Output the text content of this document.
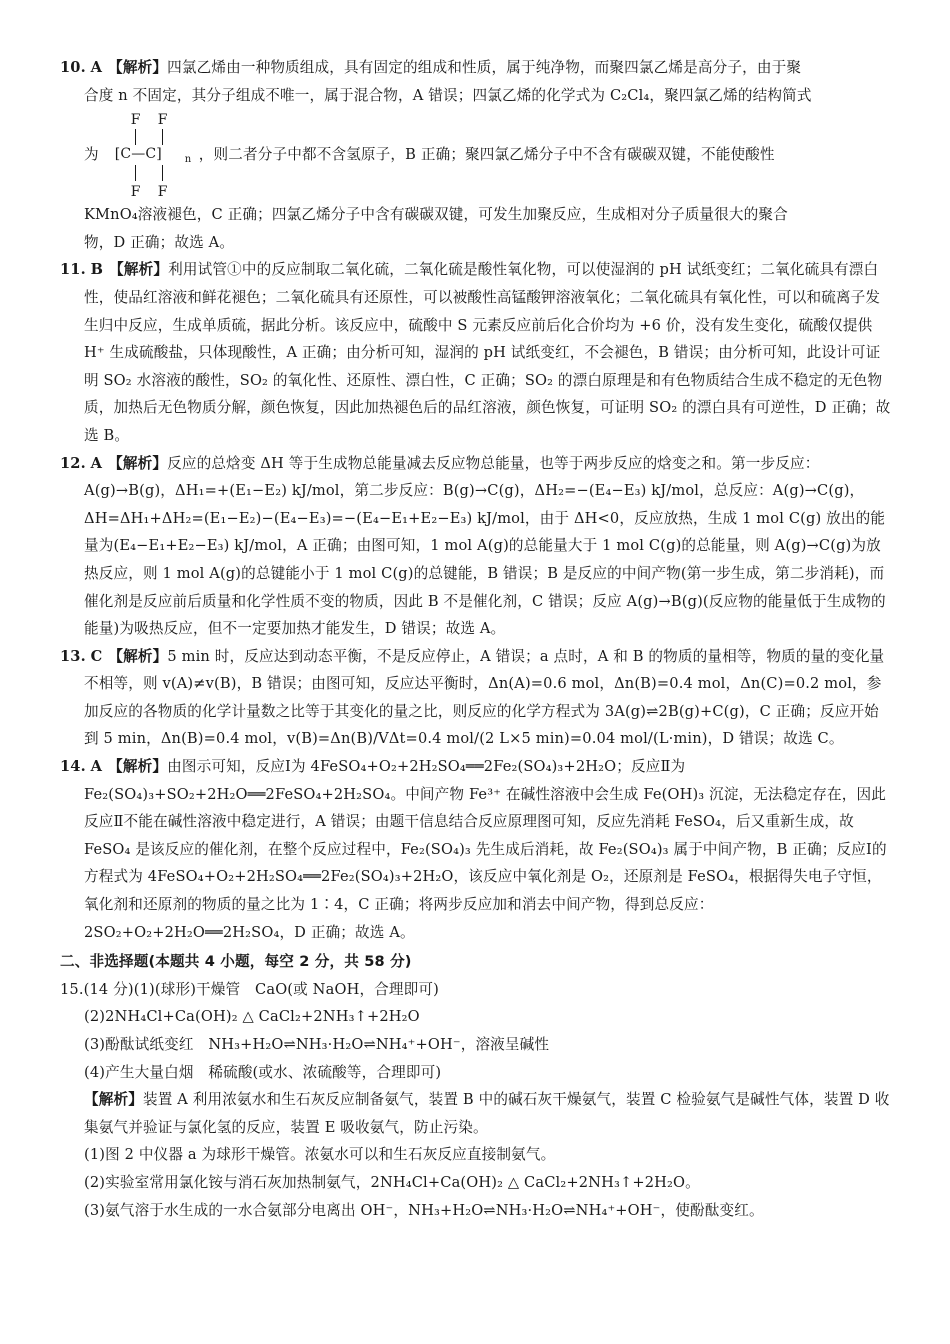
10. A 【解析】四氯乙烯由一种物质组成，具有固定的组成和性质，属于纯净物，而聚四氯乙烯是高分子，由于聚

合度 n 不固定，其分子组成不唯一，属于混合物，A 错误；四氯乙烯的化学式为 C₂Cl₄，聚四氯乙烯的结构简式

为
F F
[C—C] n
F F
，则二者分子中都不含氢原子，B 正确；聚四氯乙烯分子中不含有碳碳双键，不能使酸性

KMnO₄溶液褪色，C 正确；四氯乙烯分子中含有碳碳双键，可发生加聚反应，生成相对分子质量很大的聚合

物，D 正确；故选 A。

11. B 【解析】利用试管①中的反应制取二氧化硫，二氧化硫是酸性氧化物，可以使湿润的 pH 试纸变红；二氧化硫具有漂白性，使品红溶液和鲜花褪色；二氧化硫具有还原性，可以被酸性高锰酸钾溶液氧化；二氧化硫具有氧化性，可以和硫离子发生归中反应，生成单质硫，据此分析。该反应中，硫酸中 S 元素反应前后化合价均为 +6 价，没有发生变化，硫酸仅提供 H⁺ 生成硫酸盐，只体现酸性，A 正确；由分析可知，湿润的 pH 试纸变红，不会褪色，B 错误；由分析可知，此设计可证明 SO₂ 水溶液的酸性，SO₂ 的氧化性、还原性、漂白性，C 正确；SO₂ 的漂白原理是和有色物质结合生成不稳定的无色物质，加热后无色物质分解，颜色恢复，因此加热褪色后的品红溶液，颜色恢复，可证明 SO₂ 的漂白具有可逆性，D 正确；故选 B。

12. A 【解析】反应的总焓变 ΔH 等于生成物总能量减去反应物总能量，也等于两步反应的焓变之和。第一步反应：A(g)→B(g)，ΔH₁=+(E₁−E₂) kJ/mol，第二步反应：B(g)→C(g)，ΔH₂=−(E₄−E₃) kJ/mol，总反应：A(g)→C(g)，ΔH=ΔH₁+ΔH₂=(E₁−E₂)−(E₄−E₃)=−(E₄−E₁+E₂−E₃) kJ/mol，由于 ΔH<0，反应放热，生成 1 mol C(g) 放出的能量为(E₄−E₁+E₂−E₃) kJ/mol，A 正确；由图可知，1 mol A(g)的总能量大于 1 mol C(g)的总能量，则 A(g)→C(g)为放热反应，则 1 mol A(g)的总键能小于 1 mol C(g)的总键能，B 错误；B 是反应的中间产物(第一步生成，第二步消耗)，而催化剂是反应前后质量和化学性质不变的物质，因此 B 不是催化剂，C 错误；反应 A(g)→B(g)(反应物的能量低于生成物的能量)为吸热反应，但不一定要加热才能发生，D 错误；故选 A。

13. C 【解析】5 min 时，反应达到动态平衡，不是反应停止，A 错误；a 点时，A 和 B 的物质的量相等，物质的量的变化量不相等，则 v(A)≠v(B)，B 错误；由图可知，反应达平衡时，Δn(A)=0.6 mol，Δn(B)=0.4 mol，Δn(C)=0.2 mol，参加反应的各物质的化学计量数之比等于其变化的量之比，则反应的化学方程式为 3A(g)⇌2B(g)+C(g)，C 正确；反应开始到 5 min，Δn(B)=0.4 mol，v(B)=Δn(B)/VΔt=0.4 mol/(2 L×5 min)=0.04 mol/(L·min)，D 错误；故选 C。

14. A 【解析】由图示可知，反应Ⅰ为 4FeSO₄+O₂+2H₂SO₄══2Fe₂(SO₄)₃+2H₂O；反应Ⅱ为 Fe₂(SO₄)₃+SO₂+2H₂O══2FeSO₄+2H₂SO₄。中间产物 Fe³⁺ 在碱性溶液中会生成 Fe(OH)₃ 沉淀，无法稳定存在，因此反应Ⅱ不能在碱性溶液中稳定进行，A 错误；由题干信息结合反应原理图可知，反应先消耗 FeSO₄，后又重新生成，故 FeSO₄ 是该反应的催化剂，在整个反应过程中，Fe₂(SO₄)₃ 先生成后消耗，故 Fe₂(SO₄)₃ 属于中间产物，B 正确；反应Ⅰ的方程式为 4FeSO₄+O₂+2H₂SO₄══2Fe₂(SO₄)₃+2H₂O，该反应中氧化剂是 O₂，还原剂是 FeSO₄，根据得失电子守恒，氧化剂和还原剂的物质的量之比为 1∶4，C 正确；将两步反应加和消去中间产物，得到总反应：2SO₂+O₂+2H₂O══2H₂SO₄，D 正确；故选 A。

二、非选择题(本题共 4 小题，每空 2 分，共 58 分)

15.(14 分)(1)(球形)干燥管　CaO(或 NaOH，合理即可)

(2)2NH₄Cl+Ca(OH)₂ △ CaCl₂+2NH₃↑+2H₂O

(3)酚酞试纸变红　NH₃+H₂O⇌NH₃·H₂O⇌NH₄⁺+OH⁻，溶液呈碱性

(4)产生大量白烟　稀硫酸(或水、浓硫酸等，合理即可)

【解析】装置 A 利用浓氨水和生石灰反应制备氨气，装置 B 中的碱石灰干燥氨气，装置 C 检验氨气是碱性气体，装置 D 收集氨气并验证与氯化氢的反应，装置 E 吸收氨气，防止污染。

(1)图 2 中仪器 a 为球形干燥管。浓氨水可以和生石灰反应直接制氨气。

(2)实验室常用氯化铵与消石灰加热制氨气，2NH₄Cl+Ca(OH)₂ △ CaCl₂+2NH₃↑+2H₂O。

(3)氨气溶于水生成的一水合氨部分电离出 OH⁻，NH₃+H₂O⇌NH₃·H₂O⇌NH₄⁺+OH⁻，使酚酞变红。
